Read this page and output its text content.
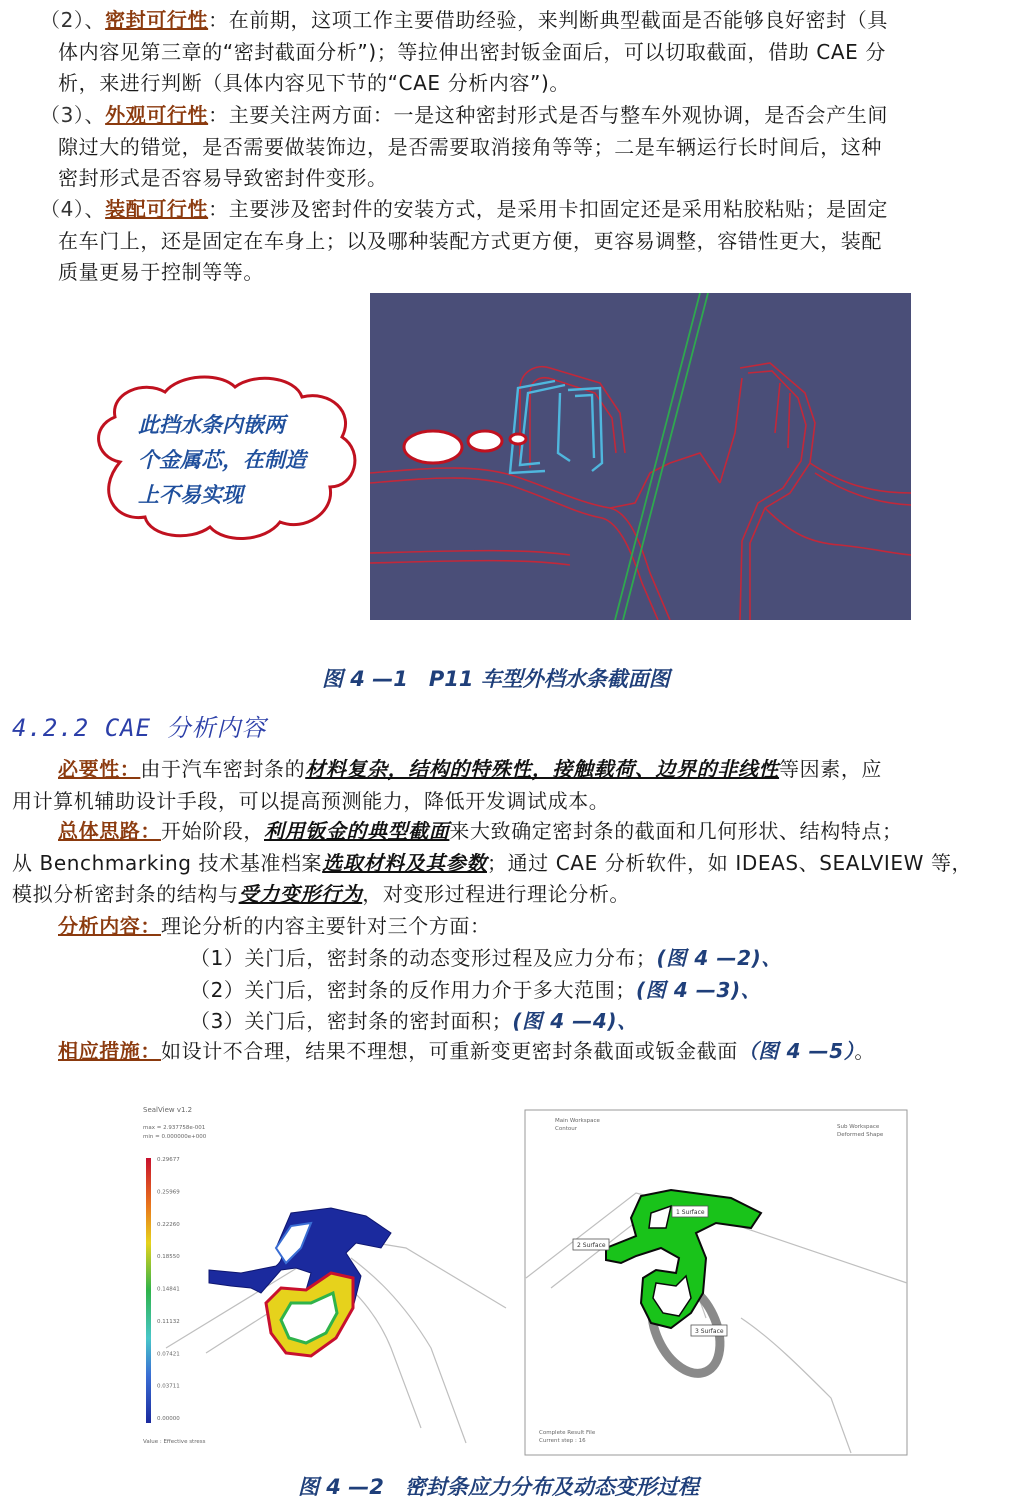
（2）、密封可行性：在前期，这项工作主要借助经验，来判断典型截面是否能够良好密封（具
体内容见第三章的“密封截面分析”)；等拉伸出密封钣金面后，可以切取截面，借助 CAE 分
析，来进行判断（具体内容见下节的“CAE 分析内容”)。
（3）、外观可行性：主要关注两方面：一是这种密封形式是否与整车外观协调，是否会产生间
隙过大的错觉，是否需要做装饰边，是否需要取消接角等等；二是车辆运行长时间后，这种
密封形式是否容易导致密封件变形。
（4）、装配可行性：主要涉及密封件的安装方式，是采用卡扣固定还是采用粘胶粘贴；是固定
在车门上，还是固定在车身上；以及哪种装配方式更方便，更容易调整，容错性更大，装配
质量更易于控制等等。
此挡水条内嵌两
个金属芯，在制造
上不易实现
图 4 —1　P11 车型外档水条截面图
4.2.2 CAE 分析内容
必要性：由于汽车密封条的材料复杂，结构的特殊性，接触载荷、边界的非线性等因素，应
用计算机辅助设计手段，可以提高预测能力，降低开发调试成本。
总体思路：开始阶段，利用钣金的典型截面来大致确定密封条的截面和几何形状、结构特点；
从 Benchmarking 技术基准档案选取材料及其参数；通过 CAE 分析软件，如 IDEAS、SEALVIEW 等，
模拟分析密封条的结构与受力变形行为，对变形过程进行理论分析。
分析内容：理论分析的内容主要针对三个方面：
（1）关门后，密封条的动态变形过程及应力分布；(图 4 —2)、
（2）关门后，密封条的反作用力介于多大范围；(图 4 —3)、
（3）关门后，密封条的密封面积；(图 4 —4)、
相应措施：如设计不合理，结果不理想，可重新变更密封条截面或钣金截面（图 4 —5）。
SealView v1.2
max = 2.937758e-001
min = 0.000000e+000
0.29677
0.25969
0.22260
0.18550
0.14841
0.11132
0.07421
0.03711
0.00000
Value : Effective stress
Main Workspace
Contour	Sub Workspace
Deformed Shape
1 Surface
2 Surface
3 Surface
Complete Result File
Current step : 16
图 4 —2　密封条应力分布及动态变形过程
